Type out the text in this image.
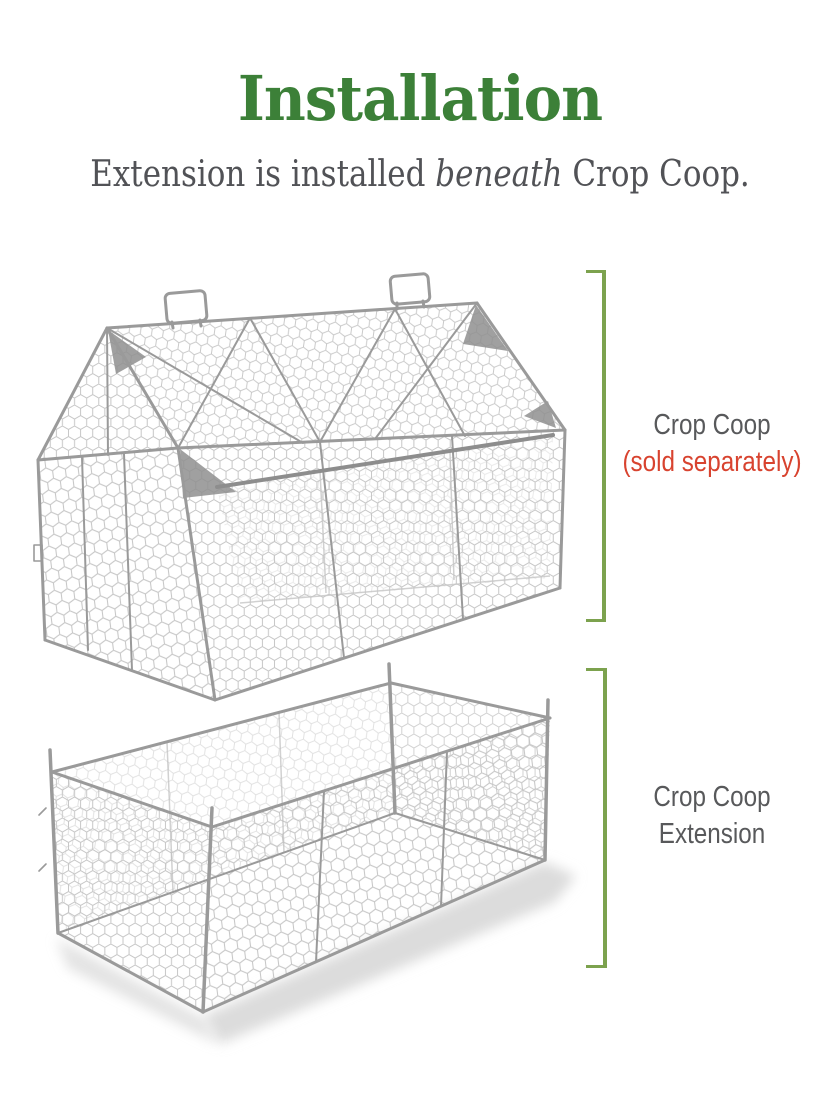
Installation

Extension is installed beneath Crop Coop.

Crop Coop
(sold separately)
Crop Coop
Extension
